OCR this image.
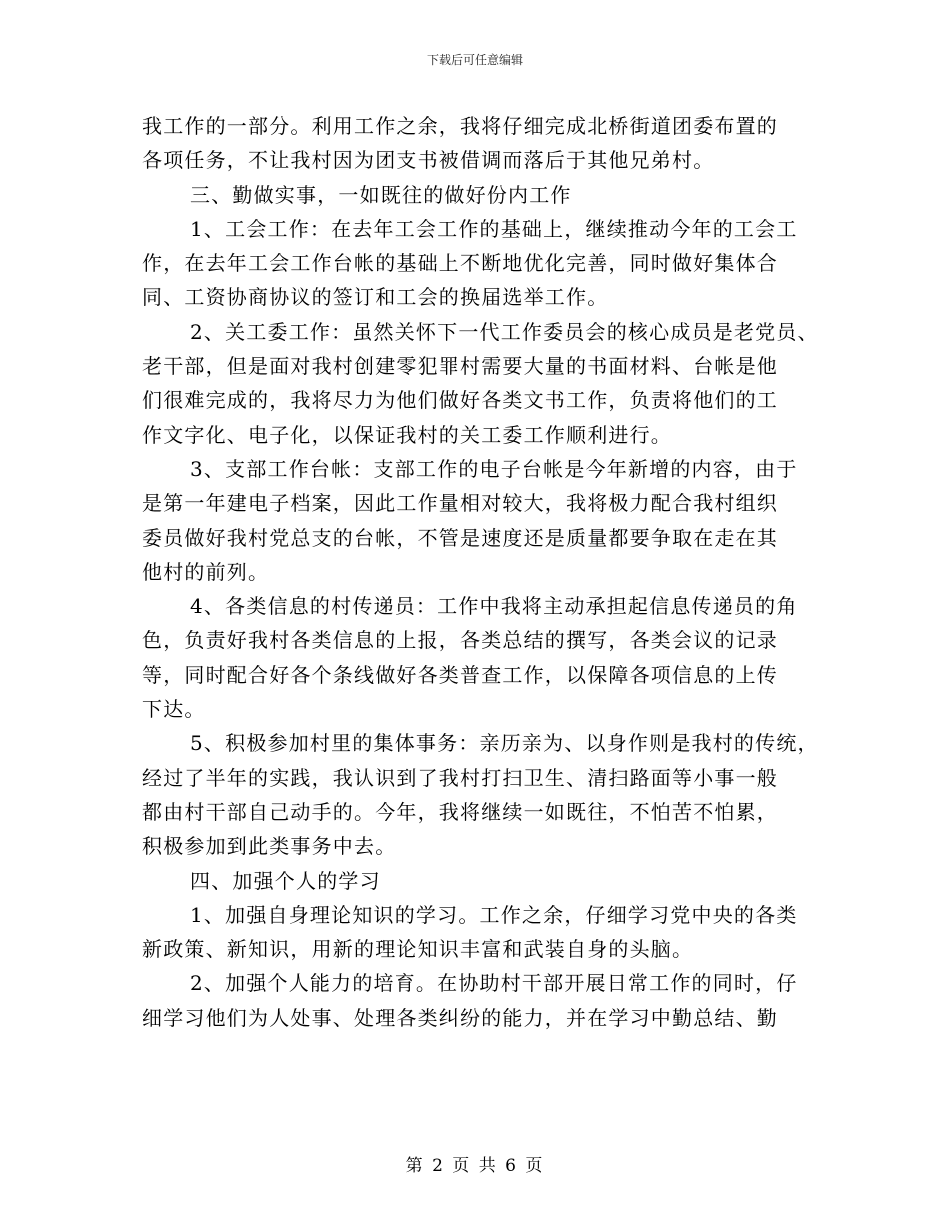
下载后可任意编辑
我工作的一部分。利用工作之余，我将仔细完成北桥街道团委布置的
各项任务，不让我村因为团支书被借调而落后于其他兄弟村。
三、勤做实事，一如既往的做好份内工作
1、工会工作：在去年工会工作的基础上，继续推动今年的工会工
作，在去年工会工作台帐的基础上不断地优化完善，同时做好集体合
同、工资协商协议的签订和工会的换届选举工作。
2、关工委工作：虽然关怀下一代工作委员会的核心成员是老党员、
老干部，但是面对我村创建零犯罪村需要大量的书面材料、台帐是他
们很难完成的，我将尽力为他们做好各类文书工作，负责将他们的工
作文字化、电子化，以保证我村的关工委工作顺利进行。
3、支部工作台帐：支部工作的电子台帐是今年新增的内容，由于
是第一年建电子档案，因此工作量相对较大，我将极力配合我村组织
委员做好我村党总支的台帐，不管是速度还是质量都要争取在走在其
他村的前列。
4、各类信息的村传递员：工作中我将主动承担起信息传递员的角
色，负责好我村各类信息的上报，各类总结的撰写，各类会议的记录
等，同时配合好各个条线做好各类普查工作，以保障各项信息的上传
下达。
5、积极参加村里的集体事务：亲历亲为、以身作则是我村的传统，
经过了半年的实践，我认识到了我村打扫卫生、清扫路面等小事一般
都由村干部自己动手的。今年，我将继续一如既往，不怕苦不怕累，
积极参加到此类事务中去。
四、加强个人的学习
1、加强自身理论知识的学习。工作之余，仔细学习党中央的各类
新政策、新知识，用新的理论知识丰富和武装自身的头脑。
2、加强个人能力的培育。在协助村干部开展日常工作的同时，仔
细学习他们为人处事、处理各类纠纷的能力，并在学习中勤总结、勤
第 2 页 共 6 页
